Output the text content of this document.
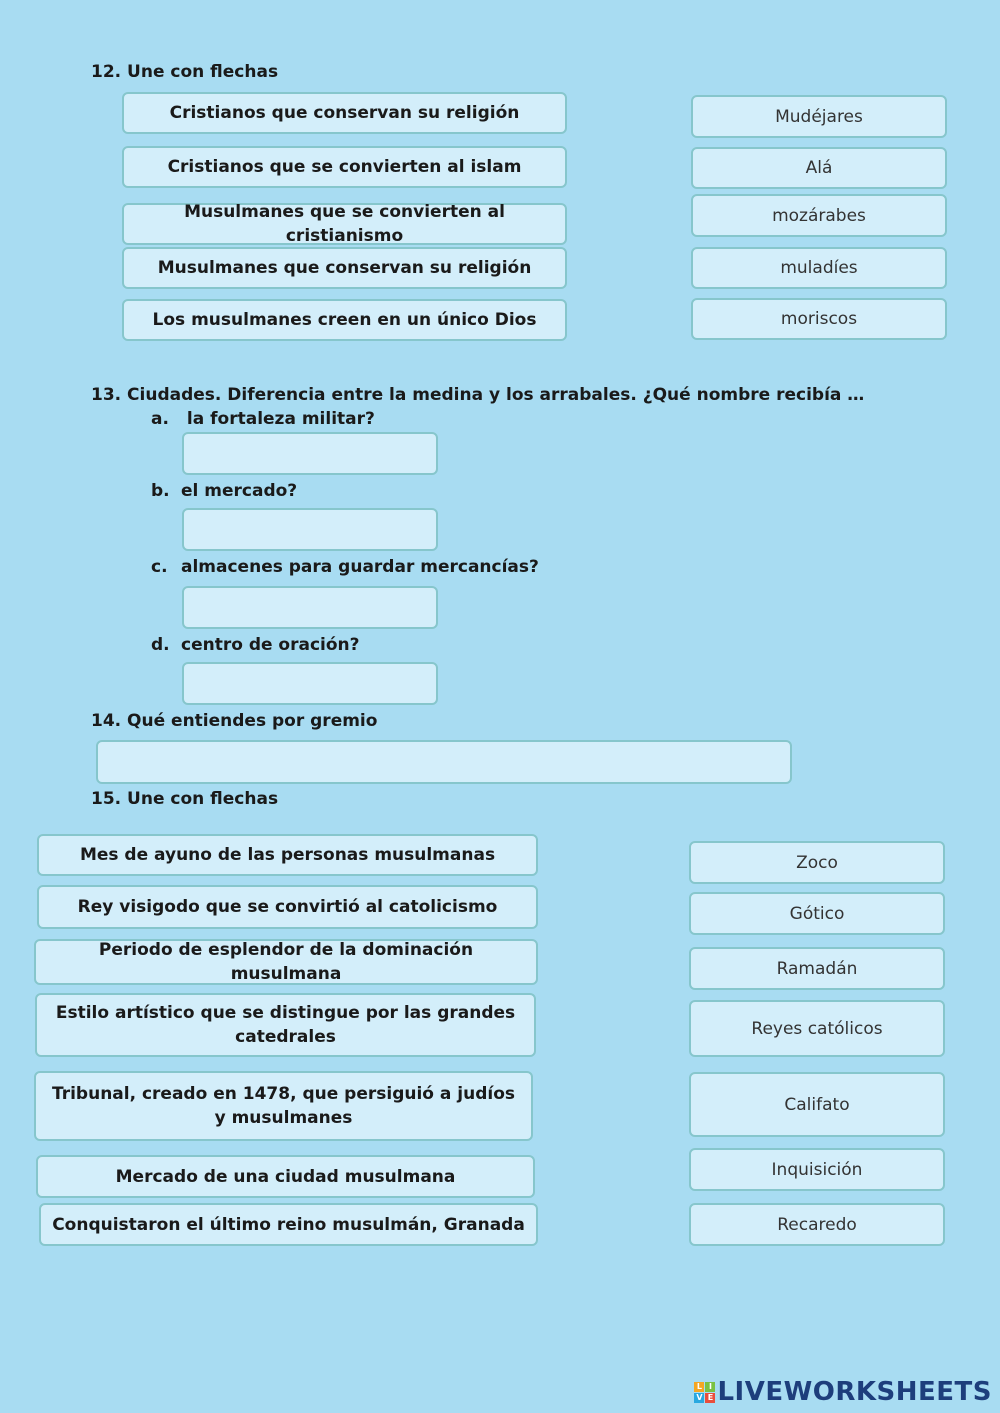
12. Une con flechas
Cristianos que conservan su religión
Cristianos que se convierten al islam
Musulmanes que se convierten al cristianismo
Musulmanes que conservan su religión
Los musulmanes creen en un único Dios
Mudéjares
Alá
mozárabes
muladíes
moriscos
13. Ciudades. Diferencia entre la medina y los arrabales. ¿Qué nombre recibía …
a. la fortaleza militar?
b. el mercado?
c. almacenes para guardar mercancías?
d. centro de oración?
14. Qué entiendes por gremio
15. Une con flechas
Mes de ayuno de las personas musulmanas
Rey visigodo que se convirtió al catolicismo
Periodo de esplendor de la dominación musulmana
Estilo artístico que se distingue por las grandes catedrales
Tribunal, creado en 1478, que persiguió a judíos y musulmanes
Mercado de una ciudad musulmana
Conquistaron el último reino musulmán, Granada
Zoco
Gótico
Ramadán
Reyes católicos
Califato
Inquisición
Recaredo
L I
V E LIVEWORKSHEETS
